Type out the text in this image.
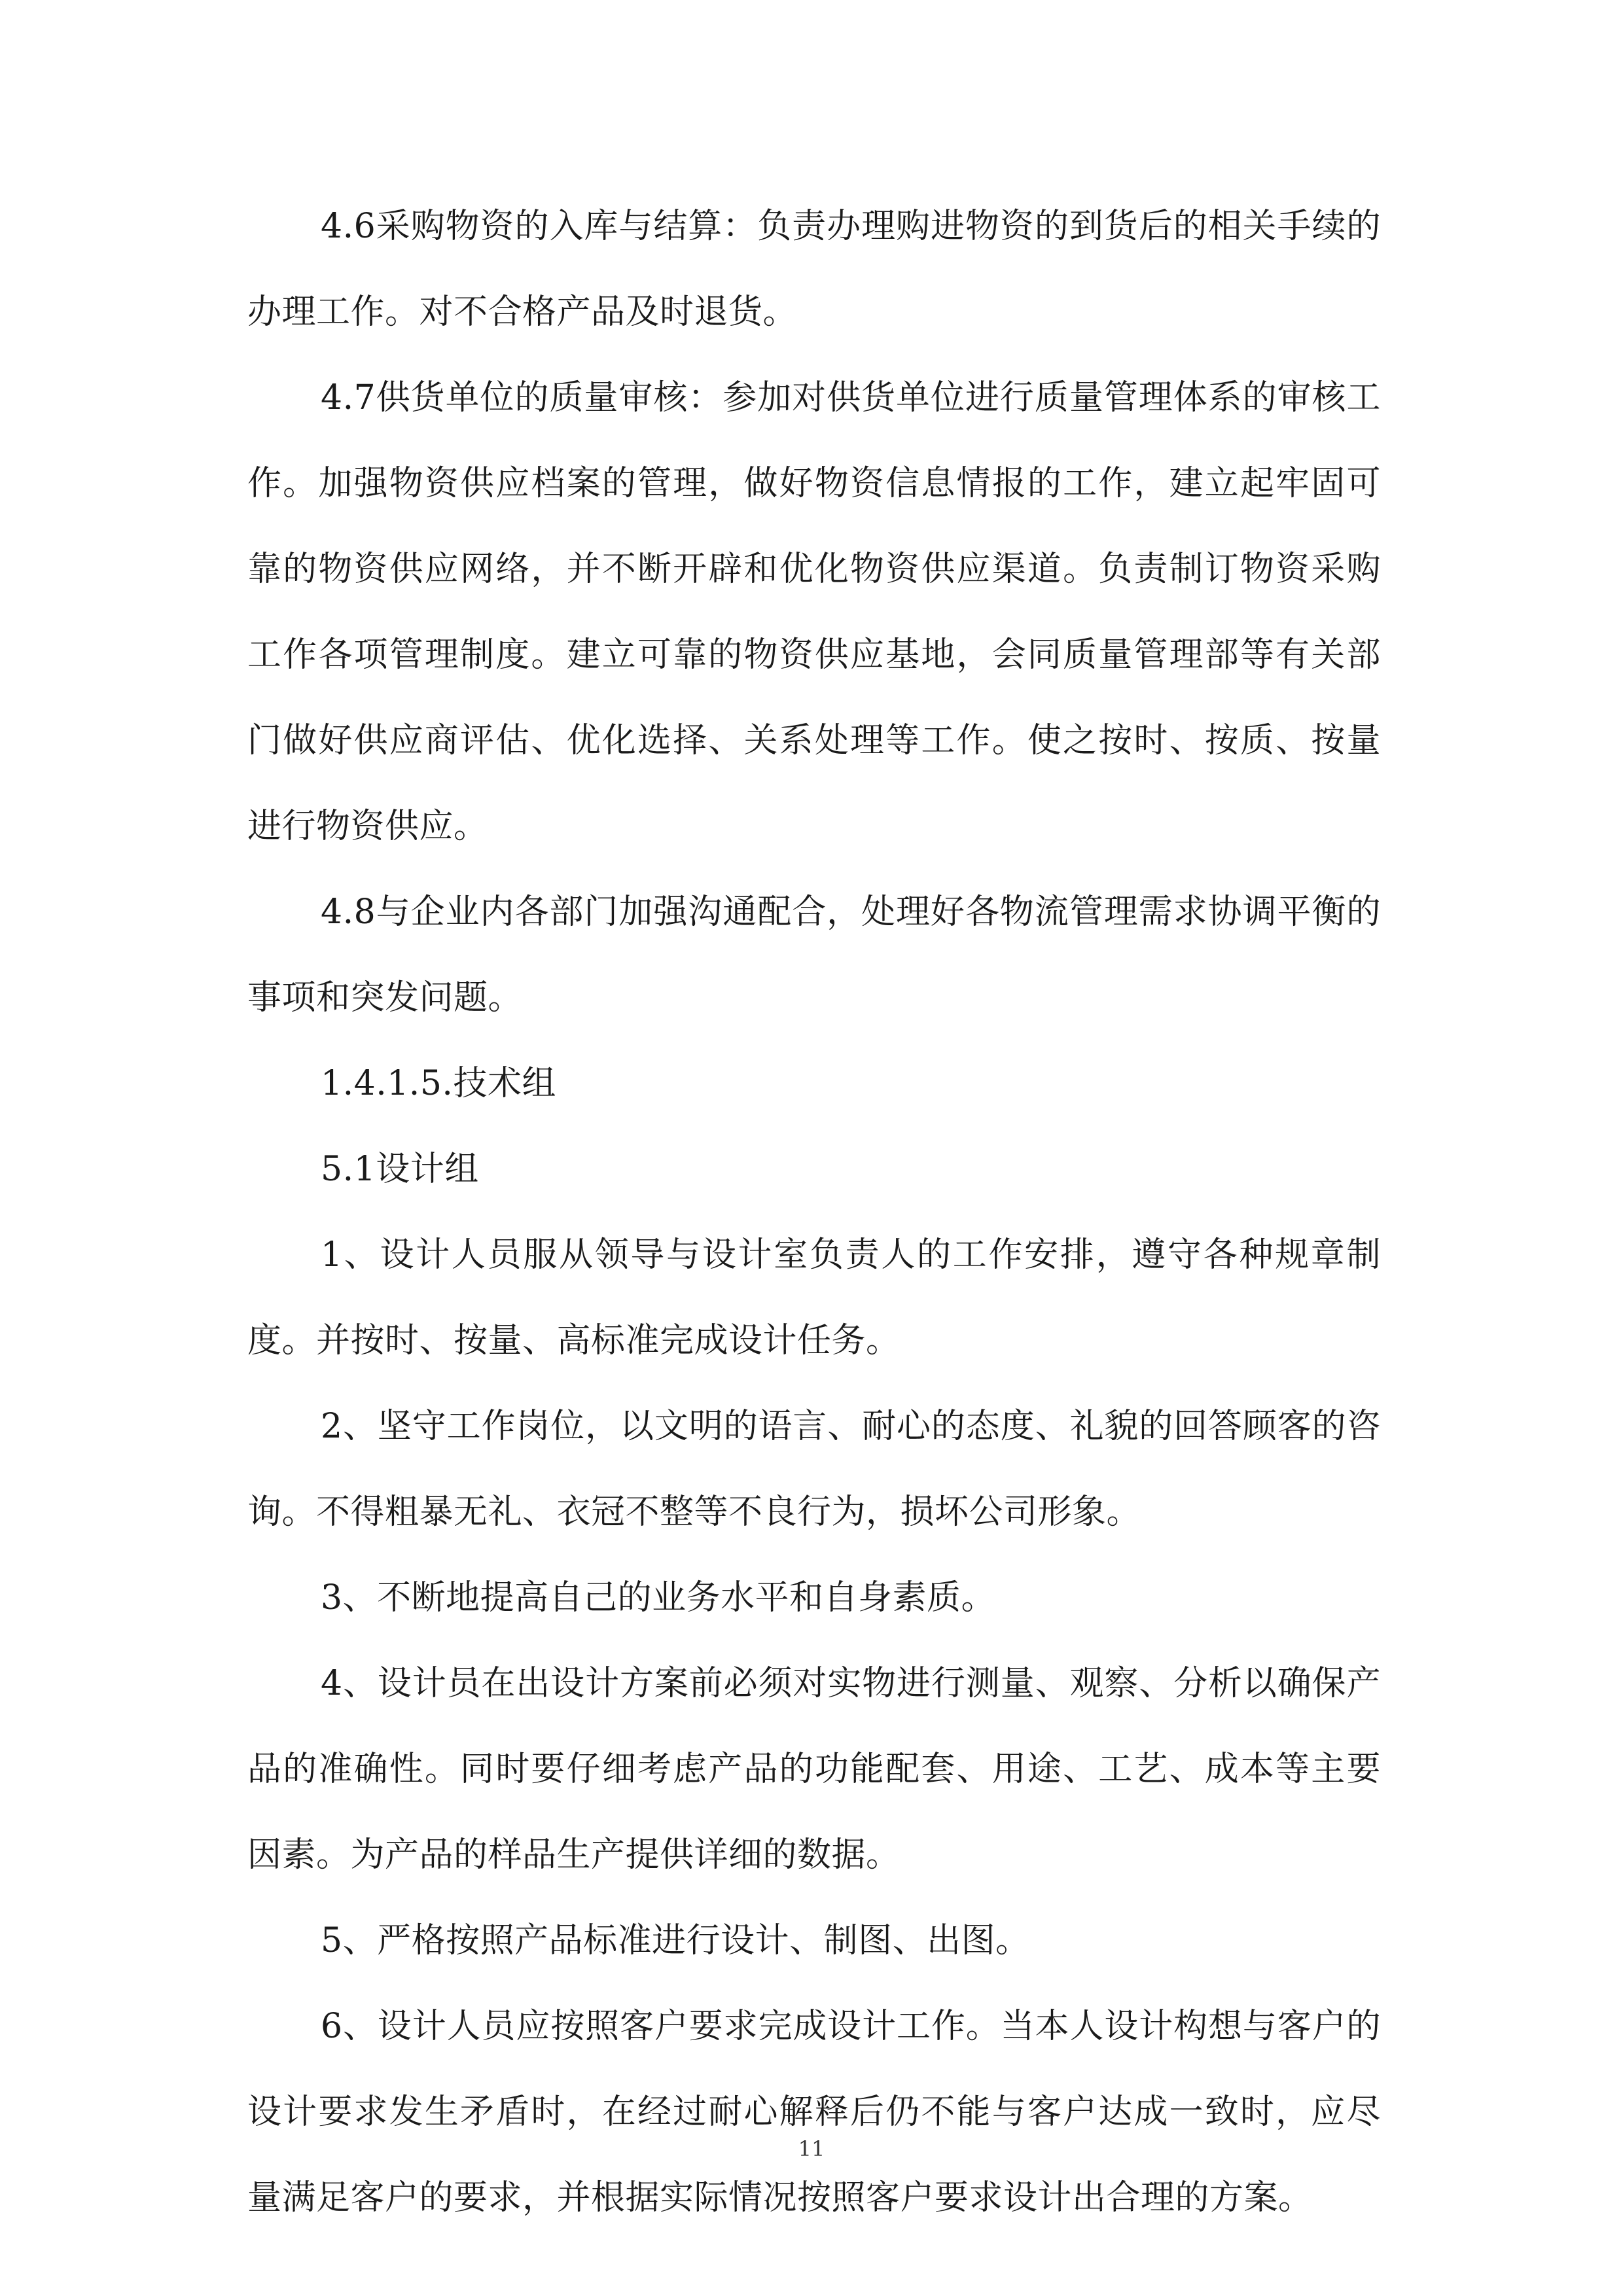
4.6采购物资的入库与结算：负责办理购进物资的到货后的相关手续的办理工作。对不合格产品及时退货。

4.7供货单位的质量审核：参加对供货单位进行质量管理体系的审核工作。加强物资供应档案的管理，做好物资信息情报的工作，建立起牢固可靠的物资供应网络，并不断开辟和优化物资供应渠道。负责制订物资采购工作各项管理制度。建立可靠的物资供应基地，会同质量管理部等有关部门做好供应商评估、优化选择、关系处理等工作。使之按时、按质、按量进行物资供应。

4.8与企业内各部门加强沟通配合，处理好各物流管理需求协调平衡的事项和突发问题。

1.4.1.5.技术组

5.1设计组

1、设计人员服从领导与设计室负责人的工作安排，遵守各种规章制度。并按时、按量、高标准完成设计任务。

2、坚守工作岗位，以文明的语言、耐心的态度、礼貌的回答顾客的咨询。不得粗暴无礼、衣冠不整等不良行为，损坏公司形象。

3、不断地提高自己的业务水平和自身素质。

4、设计员在出设计方案前必须对实物进行测量、观察、分析以确保产品的准确性。同时要仔细考虑产品的功能配套、用途、工艺、成本等主要因素。为产品的样品生产提供详细的数据。

5、严格按照产品标准进行设计、制图、出图。

6、设计人员应按照客户要求完成设计工作。当本人设计构想与客户的设计要求发生矛盾时，在经过耐心解释后仍不能与客户达成一致时，应尽量满足客户的要求，并根据实际情况按照客户要求设计出合理的方案。

11
